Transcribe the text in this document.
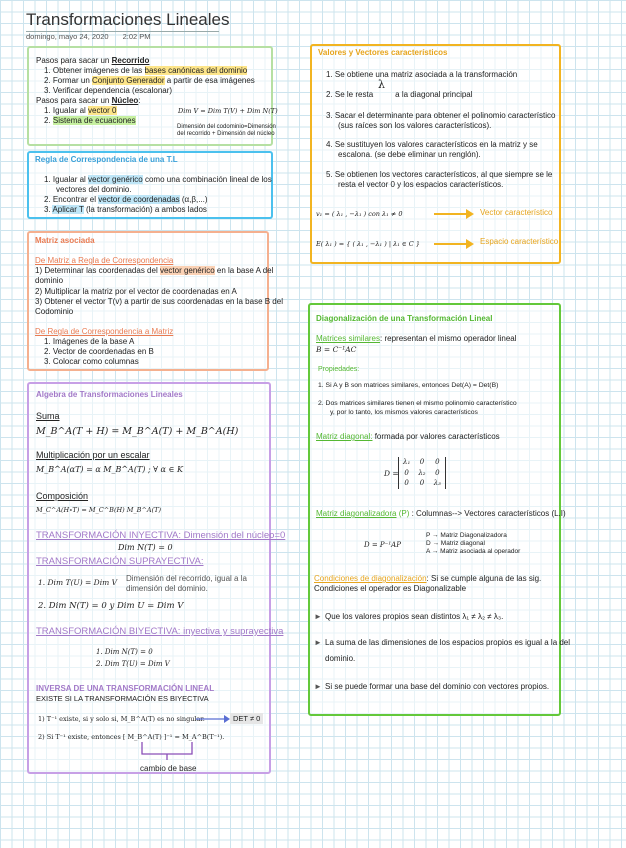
Transformaciones Lineales
domingo, mayo 24, 2020 2:02 PM
Pasos para sacar un Recorrido
1. Obtener imágenes de las bases canónicas del dominio
2. Formar un Conjunto Generador a partir de esa imágenes
3. Verificar dependencia (escalonar)
Pasos para sacar un Núcleo:
1. Igualar al vector 0
2. Sistema de ecuaciones
Dim V = Dim T(V) + Dim N(T)
Dimensión del codominio=Dimensión
del recorrido + Dimensión del núcleo
Regla de Correspondencia de una T.L
1. Igualar al vector genérico como una combinación lineal de los
vectores del dominio.
2. Encontrar el vector de coordenadas (α,β,...)
3. Aplicar T (la transformación) a ambos lados
Matriz asociada
De Matriz a Regla de Correspondencia
1) Determinar las coordenadas del vector genérico en la base A del
dominio
2) Multiplicar la matriz por el vector de coordenadas en A
3) Obtener el vector T(v) a partir de sus coordenadas en la base B del
Codominio
De Regla de Correspondencia a Matriz
1. Imágenes de la base A
2. Vector de coordenadas en B
3. Colocar como columnas
Algebra de Transformaciones Lineales
Suma
M_B^A(T + H) = M_B^A(T) + M_B^A(H)
Multiplicación por un escalar
M_B^A(αT) = α M_B^A(T) ; ∀ α ∈ K
Composición
M_C^A(H∘T) = M_C^B(H) M_B^A(T)
TRANSFORMACIÓN INYECTIVA: Dimensión del núcleo=0
Dim N(T) = 0
TRANSFORMACIÓN SUPRAYECTIVA:
1. Dim T(U) = Dim V Dimensión del recorrido, igual a la
dimensión del dominio.
2. Dim N(T) = 0 y Dim U = Dim V
TRANSFORMACIÓN BIYECTIVA: inyectiva y suprayectiva
1. Dim N(T) = 0
2. Dim T(U) = Dim V
INVERSA DE UNA TRANSFORMACIÓN LINEAL
EXISTE SI LA TRANSFORMACIÓN ES BIYECTIVA
1) T⁻¹ existe, si y solo si, M_B^A(T) es no singular.	DET ≠ 0
2) Si T⁻¹ existe, entonces [ M_B^A(T) ]⁻¹ = M_A^B(T⁻¹).
cambio de base
Valores y Vectores característicos
1. Se obtiene una matriz asociada a la transformación
λ
2. Se le resta	a la diagonal principal
3. Sacar el determinante para obtener el polinomio característico
(sus raíces son los valores característicos).
4. Se sustituyen los valores característicos en la matriz y se
escalona. (se debe eliminar un renglón).
5. Se obtienen los vectores característicos, al que siempre se le
resta el vector 0 y los espacios característicos.
v₁ = ( λ₁ , −λ₁ ) con λ₁ ≠ 0	Vector característico
E( λ₁ ) = { ( λ₁ , −λ₁ ) | λ₁ ∈ C }	Espacio característico
Diagonalización de una Transformación Lineal
Matrices similares: representan el mismo operador lineal
B = C⁻¹AC
Propiedades:
1. Si A y B son matrices similares, entonces Det(A) = Det(B)
2. Dos matrices similares tienen el mismo polinomio característico
y, por lo tanto, los mismos valores característicos
Matriz diagonal: formada por valores característicos
D =
λ₁	0	0
0	λ₂	0
0	0	λ₃
Matriz diagonalizadora (P) : Columnas--> Vectores característicos (L.I)
D = P⁻¹AP
P → Matriz Diagonalizadora
D → Matriz diagonal
A → Matriz asociada al operador
Condiciones de diagonalización: Si se cumple alguna de las sig.
Condiciones el operador es Diagonalizable
► Que los valores propios sean distintos λ₁ ≠ λ₂ ≠ λ₃.
► La suma de las dimensiones de los espacios propios es igual a la del
dominio.
► Si se puede formar una base del dominio con vectores propios.
